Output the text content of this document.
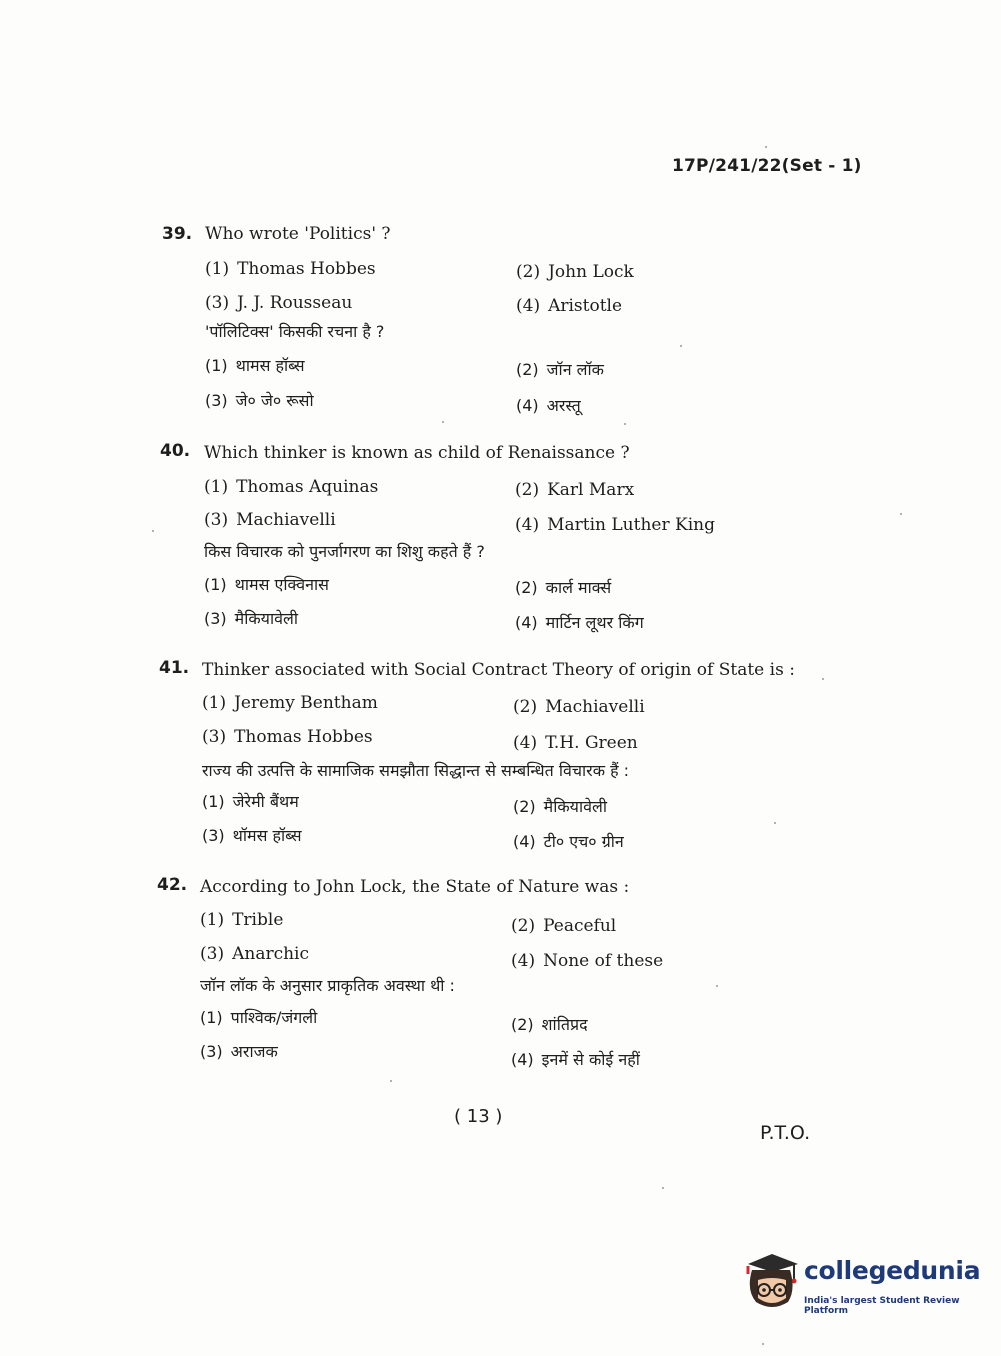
17P/241/22(Set - 1)
39. Who wrote 'Politics' ?
(1) Thomas Hobbes	(2) John Lock
(3) J. J. Rousseau	(4) Aristotle
'पॉलिटिक्स' किसकी रचना है ?
(1) थामस हॉब्स	(2) जॉन लॉक
(3) जे० जे० रूसो	(4) अरस्तू
40. Which thinker is known as child of Renaissance ?
(1) Thomas Aquinas	(2) Karl Marx
(3) Machiavelli	(4) Martin Luther King
किस विचारक को पुनर्जागरण का शिशु कहते हैं ?
(1) थामस एक्विनास	(2) कार्ल मार्क्स
(3) मैकियावेली	(4) मार्टिन लूथर किंग
41. Thinker associated with Social Contract Theory of origin of State is :
(1) Jeremy Bentham	(2) Machiavelli
(3) Thomas Hobbes	(4) T.H. Green
राज्य की उत्पत्ति के सामाजिक समझौता सिद्धान्त से सम्बन्धित विचारक हैं :
(1) जेरेमी बैंथम	(2) मैकियावेली
(3) थॉमस हॉब्स	(4) टी० एच० ग्रीन
42. According to John Lock, the State of Nature was :
(1) Trible	(2) Peaceful
(3) Anarchic	(4) None of these
जॉन लॉक के अनुसार प्राकृतिक अवस्था थी :
(1) पाश्विक/जंगली	(2) शांतिप्रद
(3) अराजक	(4) इनमें से कोई नहीं
( 13 )
P.T.O.
collegedunia
India's largest Student Review Platform
